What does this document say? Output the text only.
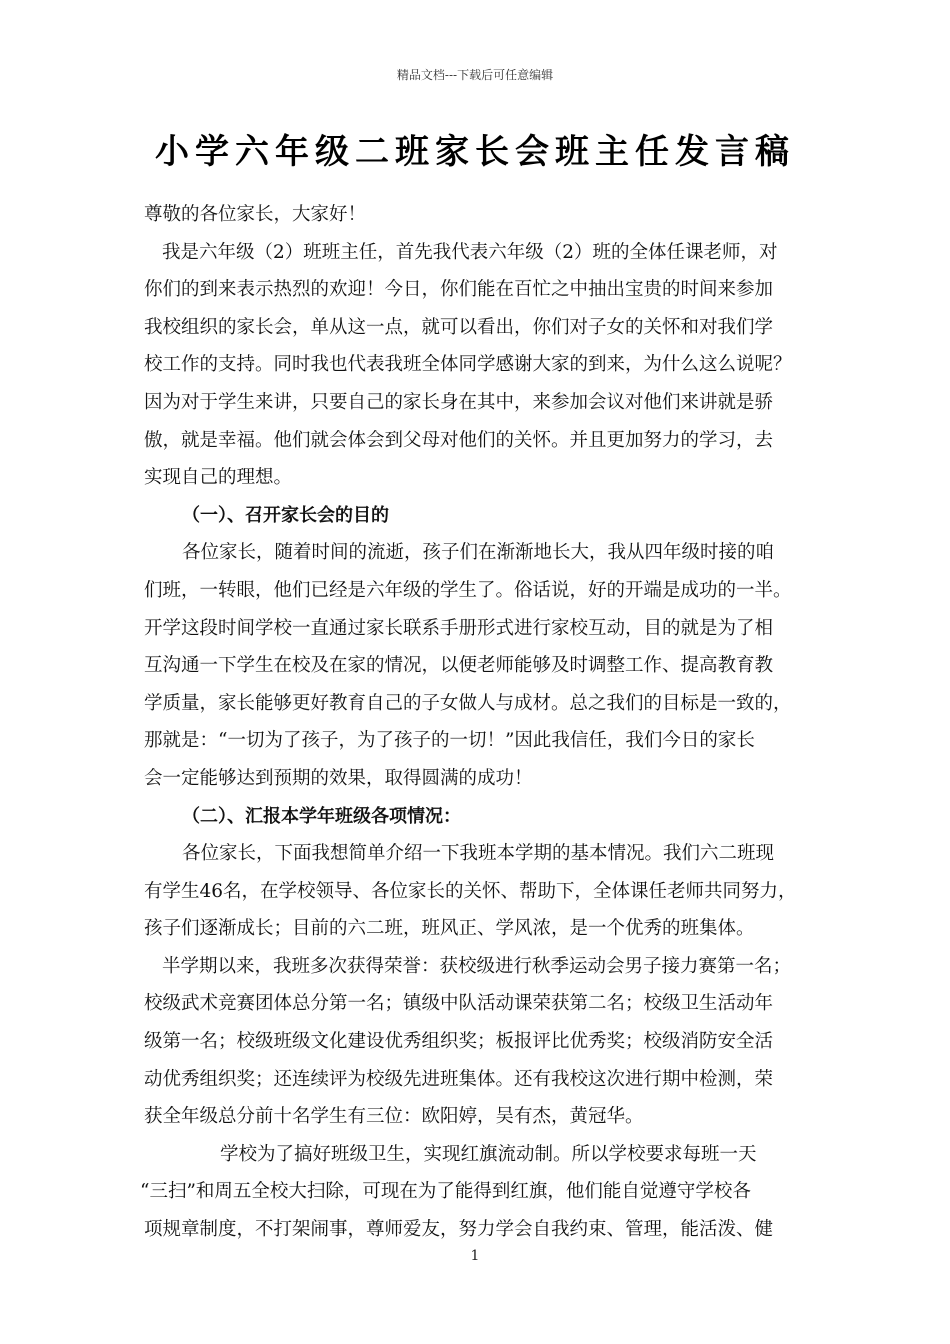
精品文档---下载后可任意编辑
小学六年级二班家长会班主任发言稿
尊敬的各位家长，大家好！
我是六年级（2）班班主任，首先我代表六年级（2）班的全体任课老师，对
你们的到来表示热烈的欢迎！今日，你们能在百忙之中抽出宝贵的时间来参加
我校组织的家长会，单从这一点，就可以看出，你们对子女的关怀和对我们学
校工作的支持。同时我也代表我班全体同学感谢大家的到来，为什么这么说呢？
因为对于学生来讲，只要自己的家长身在其中，来参加会议对他们来讲就是骄
傲，就是幸福。他们就会体会到父母对他们的关怀。并且更加努力的学习，去
实现自己的理想。
（一）、召开家长会的目的
各位家长，随着时间的流逝，孩子们在渐渐地长大，我从四年级时接的咱
们班，一转眼，他们已经是六年级的学生了。俗话说，好的开端是成功的一半。
开学这段时间学校一直通过家长联系手册形式进行家校互动，目的就是为了相
互沟通一下学生在校及在家的情况，以便老师能够及时调整工作、提高教育教
学质量，家长能够更好教育自己的子女做人与成材。总之我们的目标是一致的，
那就是：“一切为了孩子，为了孩子的一切！”因此我信任，我们今日的家长
会一定能够达到预期的效果，取得圆满的成功！
（二）、汇报本学年班级各项情况：
各位家长，下面我想简单介绍一下我班本学期的基本情况。我们六二班现
有学生46名，在学校领导、各位家长的关怀、帮助下，全体课任老师共同努力，
孩子们逐渐成长；目前的六二班，班风正、学风浓，是一个优秀的班集体。
半学期以来，我班多次获得荣誉：获校级进行秋季运动会男子接力赛第一名；
校级武术竞赛团体总分第一名；镇级中队活动课荣获第二名；校级卫生活动年
级第一名；校级班级文化建设优秀组织奖；板报评比优秀奖；校级消防安全活
动优秀组织奖；还连续评为校级先进班集体。还有我校这次进行期中检测，荣
获全年级总分前十名学生有三位：欧阳婷，吴有杰，黄冠华。
学校为了搞好班级卫生，实现红旗流动制。所以学校要求每班一天
“三扫”和周五全校大扫除，可现在为了能得到红旗，他们能自觉遵守学校各
项规章制度，不打架闹事，尊师爱友，努力学会自我约束、管理，能活泼、健
1
